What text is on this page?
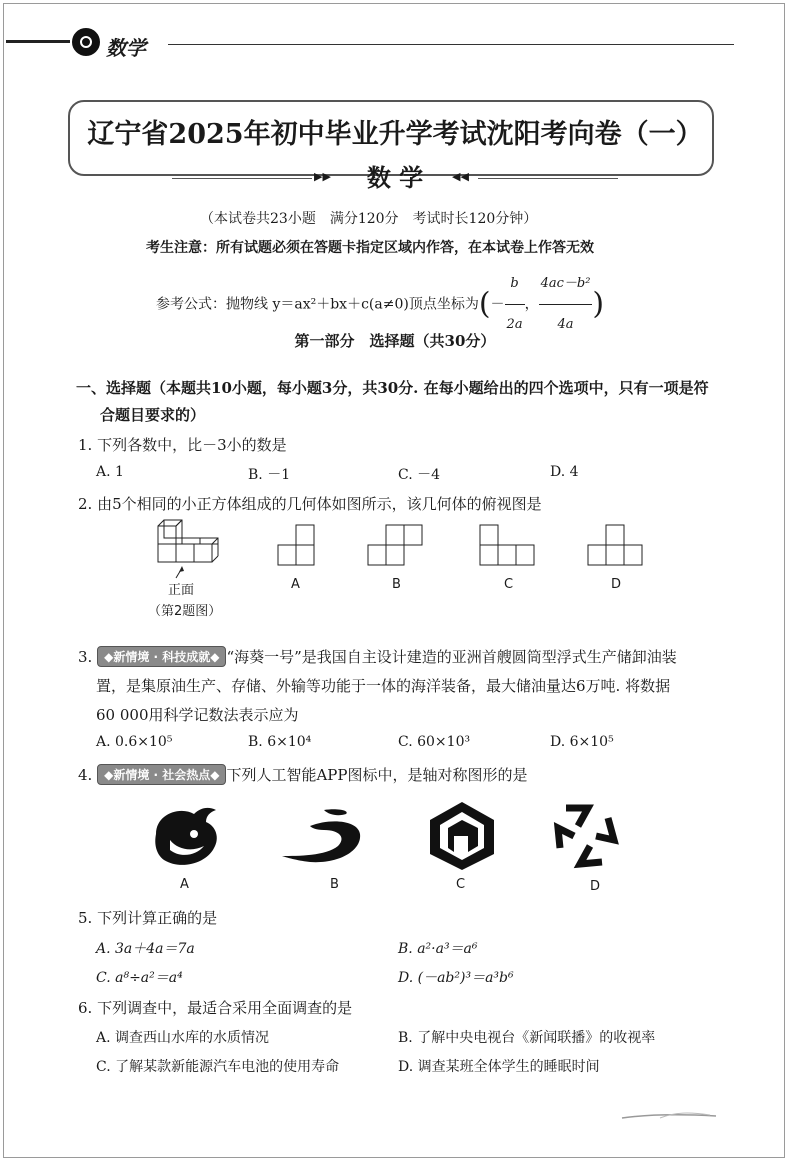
数学
辽宁省2025年初中毕业升学考试沈阳考向卷（一）
▶▶	数 学	◀◀
（本试卷共23小题　满分120分　考试时长120分钟）
考生注意：所有试题必须在答题卡指定区域内作答，在本试卷上作答无效
参考公式：抛物线 y＝ax²＋bx＋c(a≠0)顶点坐标为(－ $\frac{b}{2a}$ ， $\frac{\text{4ac－b²}}{4a}$ )
第一部分　选择题（共30分）
一、选择题（本题共10小题，每小题3分，共30分. 在每小题给出的四个选项中，只有一项是符
合题目要求的）
1. 下列各数中，比－3小的数是
A. 1	B. －1	C. －4	D. 4
2. 由5个相同的小正方体组成的几何体如图所示，该几何体的俯视图是
正面
（第2题图）
A	B	C	D
3. ◆新情境 · 科技成就◆ “海葵一号”是我国自主设计建造的亚洲首艘圆筒型浮式生产储卸油装
置，是集原油生产、存储、外输等功能于一体的海洋装备，最大储油量达6万吨. 将数据
60 000用科学记数法表示应为
A. 0.6×10⁵	B. 6×10⁴	C. 60×10³	D. 6×10⁵
4. ◆新情境 · 社会热点◆ 下列人工智能APP图标中，是轴对称图形的是
A	B	C	D
5. 下列计算正确的是
A. 3a＋4a＝7a	B. a²·a³＝a⁶
C. a⁸÷a²＝a⁴	D. (－ab²)³＝a³b⁶
6. 下列调查中，最适合采用全面调查的是
A. 调查西山水库的水质情况	B. 了解中央电视台《新闻联播》的收视率
C. 了解某款新能源汽车电池的使用寿命	D. 调查某班全体学生的睡眠时间
